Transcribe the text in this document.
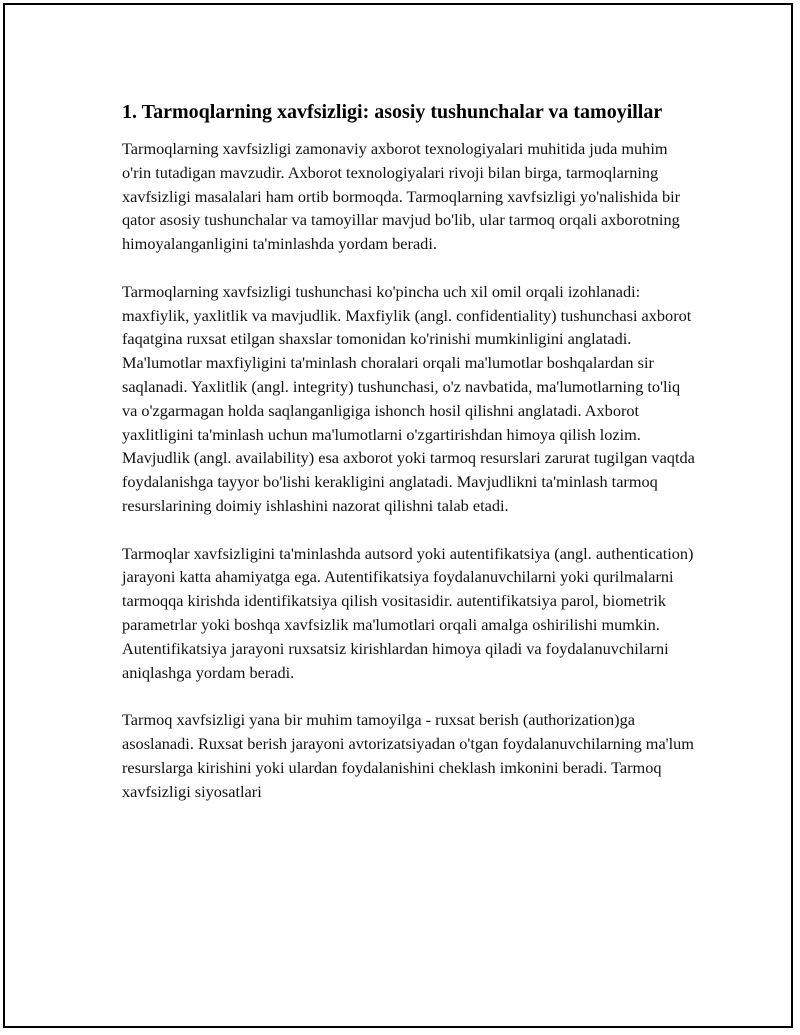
1. Tarmoqlarning xavfsizligi: asosiy tushunchalar va tamoyillar

Tarmoqlarning xavfsizligi zamonaviy axborot texnologiyalari muhitida juda muhim o'rin tutadigan mavzudir. Axborot texnologiyalari rivoji bilan birga, tarmoqlarning xavfsizligi masalalari ham ortib bormoqda. Tarmoqlarning xavfsizligi yo'nalishida bir qator asosiy tushunchalar va tamoyillar mavjud bo'lib, ular tarmoq orqali axborotning himoyalanganligini ta'minlashda yordam beradi.

Tarmoqlarning xavfsizligi tushunchasi ko'pincha uch xil omil orqali izohlanadi: maxfiylik, yaxlitlik va mavjudlik. Maxfiylik (angl. confidentiality) tushunchasi axborot faqatgina ruxsat etilgan shaxslar tomonidan ko'rinishi mumkinligini anglatadi. Ma'lumotlar maxfiyligini ta'minlash choralari orqali ma'lumotlar boshqalardan sir saqlanadi. Yaxlitlik (angl. integrity) tushunchasi, o'z navbatida, ma'lumotlarning to'liq va o'zgarmagan holda saqlanganligiga ishonch hosil qilishni anglatadi. Axborot yaxlitligini ta'minlash uchun ma'lumotlarni o'zgartirishdan himoya qilish lozim. Mavjudlik (angl. availability) esa axborot yoki tarmoq resurslari zarurat tugilgan vaqtda foydalanishga tayyor bo'lishi kerakligini anglatadi. Mavjudlikni ta'minlash tarmoq resurslarining doimiy ishlashini nazorat qilishni talab etadi.

Tarmoqlar xavfsizligini ta'minlashda autsord yoki autentifikatsiya (angl. authentication) jarayoni katta ahamiyatga ega. Autentifikatsiya foydalanuvchilarni yoki qurilmalarni tarmoqqa kirishda identifikatsiya qilish vositasidir. autentifikatsiya parol, biometrik parametrlar yoki boshqa xavfsizlik ma'lumotlari orqali amalga oshirilishi mumkin. Autentifikatsiya jarayoni ruxsatsiz kirishlardan himoya qiladi va foydalanuvchilarni aniqlashga yordam beradi.

Tarmoq xavfsizligi yana bir muhim tamoyilga - ruxsat berish (authorization)ga asoslanadi. Ruxsat berish jarayoni avtorizatsiyadan o'tgan foydalanuvchilarning ma'lum resurslarga kirishini yoki ulardan foydalanishini cheklash imkonini beradi. Tarmoq xavfsizligi siyosatlari
